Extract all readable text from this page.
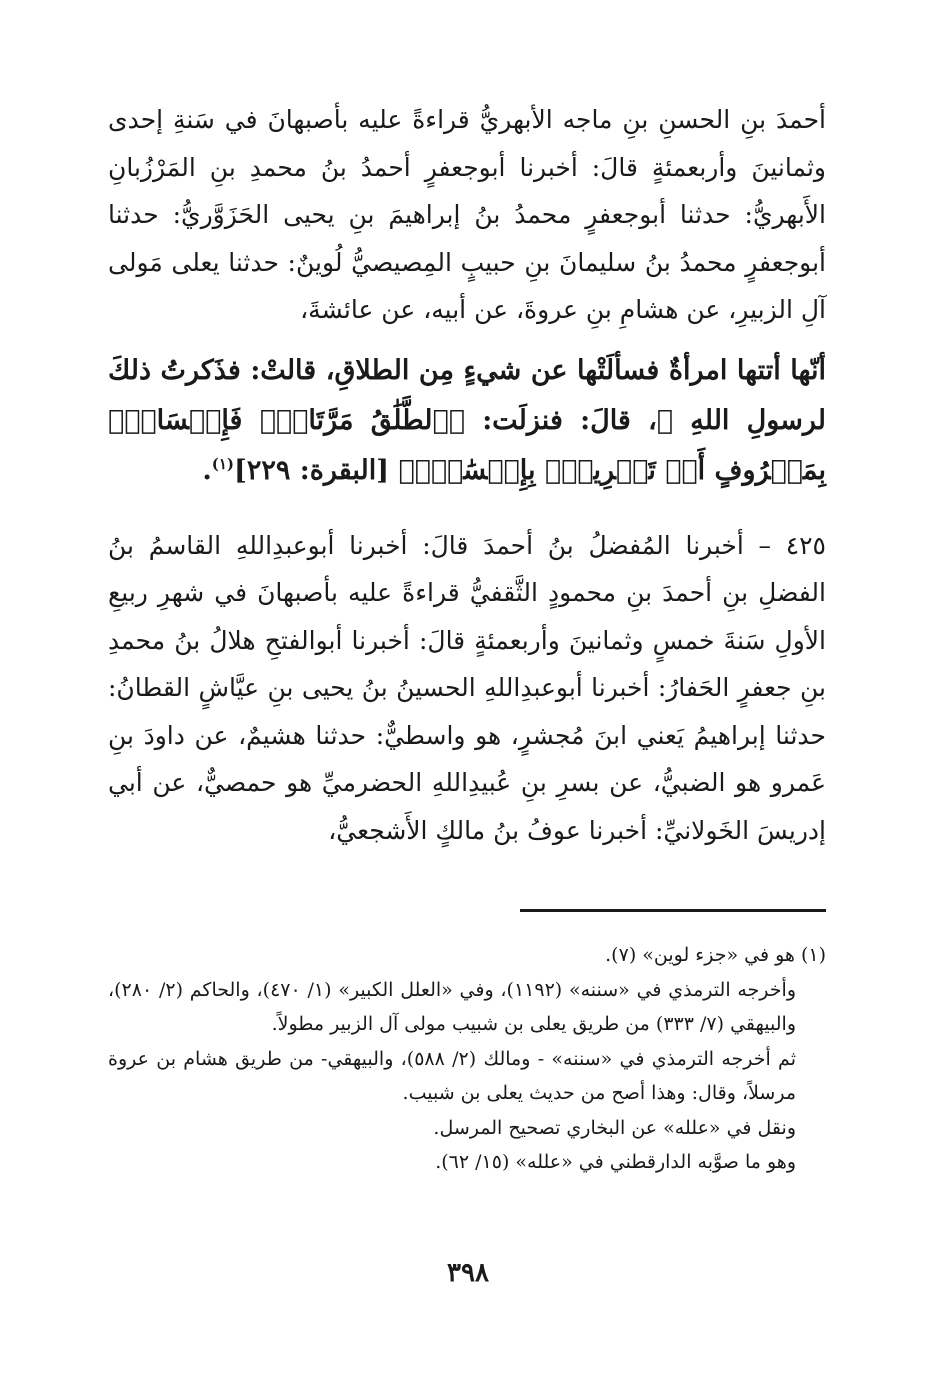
أحمدَ بنِ الحسنِ بنِ ماجه الأبهريُّ قراءةً عليه بأصبهانَ في سَنةِ إحدى وثمانينَ وأربعمئةٍ قالَ: أخبرنا أبوجعفرٍ أحمدُ بنُ محمدِ بنِ المَرْزُبانِ الأَبهريُّ: حدثنا أبوجعفرٍ محمدُ بنُ إبراهيمَ بنِ يحيى الحَزَوَّريُّ: حدثنا أبوجعفرٍ محمدُ بنُ سليمانَ بنِ حبيبٍ المِصيصيُّ لُوينٌ: حدثنا يعلى مَولى آلِ الزبيرِ، عن هشامِ بنِ عروةَ، عن أبيه، عن عائشةَ،

أنّها أتتها امرأةٌ فسألَتْها عن شيءٍ مِن الطلاقِ، قالتْ: فذَكرتُ ذلكَ لرسولِ اللهِ ﷺ، قالَ: فنزلَت: ﴿ٱلطَّلَٰقُ مَرَّتَانِۖ فَإِمۡسَاكُۢ بِمَعۡرُوفٍ أَوۡ تَسۡرِيحُۢ بِإِحۡسَٰنٖۗ﴾ [البقرة: ٢٢٩]$^{(١)}$.

٤٢٥ – أخبرنا المُفضلُ بنُ أحمدَ قالَ: أخبرنا أبوعبدِاللهِ القاسمُ بنُ الفضلِ بنِ أحمدَ بنِ محمودٍ الثَّقفيُّ قراءةً عليه بأصبهانَ في شهرِ ربيعِ الأولِ سَنةَ خمسٍ وثمانينَ وأربعمئةٍ قالَ: أخبرنا أبوالفتحِ هلالُ بنُ محمدِ بنِ جعفرٍ الحَفارُ: أخبرنا أبوعبدِاللهِ الحسينُ بنُ يحيى بنِ عيَّاشٍ القطانُ: حدثنا إبراهيمُ يَعني ابنَ مُجشرٍ، هو واسطيٌّ: حدثنا هشيمٌ، عن داودَ بنِ عَمرو هو الضبيُّ، عن بسرِ بنِ عُبيدِاللهِ الحضرميِّ هو حمصيٌّ، عن أبي إدريسَ الخَولانيِّ: أخبرنا عوفُ بنُ مالكٍ الأَشجعيُّ،

(١) هو في «جزء لوين» (٧).

وأخرجه الترمذي في «سننه» (١١٩٢)، وفي «العلل الكبير» (١/ ٤٧٠)، والحاكم (٢/ ٢٨٠)، والبيهقي (٧/ ٣٣٣) من طريق يعلى بن شبيب مولى آل الزبير مطولاً.

ثم أخرجه الترمذي في «سننه» - ومالك (٢/ ٥٨٨)، والبيهقي- من طريق هشام بن عروة مرسلاً، وقال: وهذا أصح من حديث يعلى بن شبيب.

ونقل في «علله» عن البخاري تصحيح المرسل.

وهو ما صوَّبه الدارقطني في «علله» (١٥/ ٦٢).

٣٩٨
